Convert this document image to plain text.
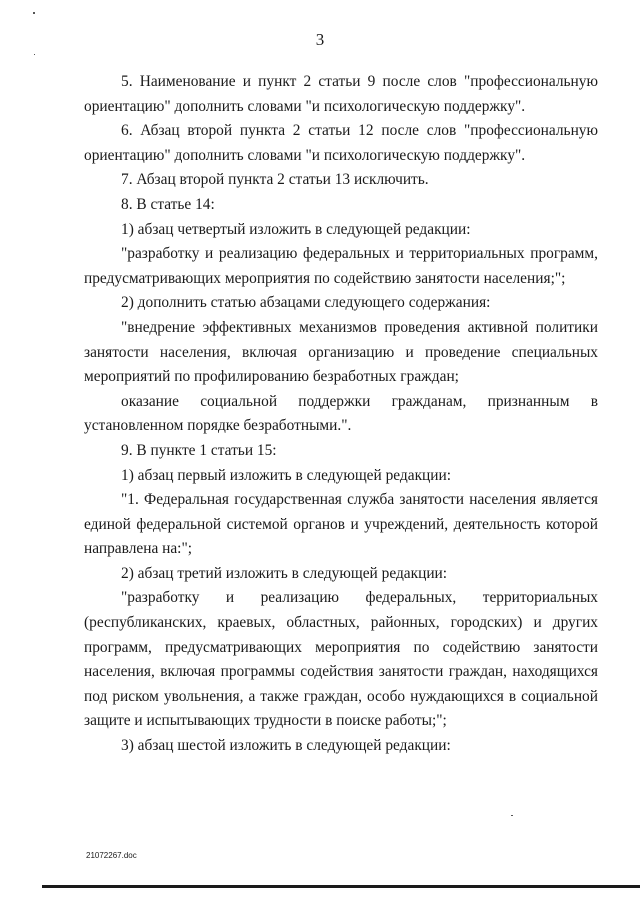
3

5. Наименование и пункт 2 статьи 9 после слов "профессиональную ориентацию" дополнить словами "и психологическую поддержку".

6. Абзац второй пункта 2 статьи 12 после слов "профессиональную ориентацию" дополнить словами "и психологическую поддержку".

7. Абзац второй пункта 2 статьи 13 исключить.

8. В статье 14:

1) абзац четвертый изложить в следующей редакции:

"разработку и реализацию федеральных и территориальных программ, предусматривающих мероприятия по содействию занятости населения;";

2) дополнить статью абзацами следующего содержания:

"внедрение эффективных механизмов проведения активной политики занятости населения, включая организацию и проведение специальных мероприятий по профилированию безработных граждан;

оказание социальной поддержки гражданам, признанным в установленном порядке безработными.".

9. В пункте 1 статьи 15:

1) абзац первый изложить в следующей редакции:

"1. Федеральная государственная служба занятости населения является единой федеральной системой органов и учреждений, деятельность которой направлена на:";

2) абзац третий изложить в следующей редакции:

"разработку и реализацию федеральных, территориальных (республиканских, краевых, областных, районных, городских) и других программ, предусматривающих мероприятия по содействию занятости населения, включая программы содействия занятости граждан, находящихся под риском увольнения, а также граждан, особо нуждающихся в социальной защите и испытывающих трудности в поиске работы;";

3) абзац шестой изложить в следующей редакции:

21072267.doc
